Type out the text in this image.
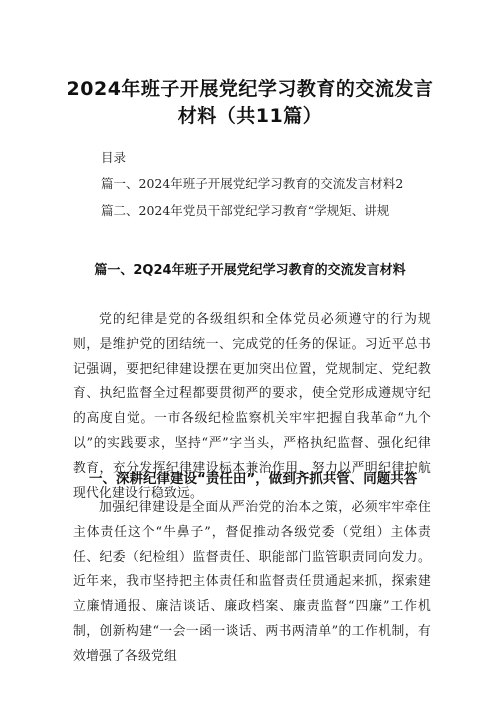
2024年班子开展党纪学习教育的交流发言
材料（共11篇）
目录
篇一、2024年班子开展党纪学习教育的交流发言材料2
篇二、2024年党员干部党纪学习教育“学规矩、讲规
篇一、2Q24年班子开展党纪学习教育的交流发言材料
党的纪律是党的各级组织和全体党员必须遵守的行为规则，是维护党的团结统一、完成党的任务的保证。习近平总书记强调，要把纪律建设摆在更加突出位置，党规制定、党纪教育、执纪监督全过程都要贯彻严的要求，使全党形成遵规守纪的高度自觉。一市各级纪检监察机关牢牢把握自我革命“九个以”的实践要求，坚持“严”字当头，严格执纪监督、强化纪律教育，充分发挥纪律建设标本兼治作用，努力以严明纪律护航现代化建设行稳致远。
一、深耕纪律建设“责任田”，做到齐抓共管、同题共答
加强纪律建设是全面从严治党的治本之策，必须牢牢牵住主体责任这个“牛鼻子”，督促推动各级党委（党组）主体责任、纪委（纪检组）监督责任、职能部门监管职责同向发力。近年来，我市坚持把主体责任和监督责任贯通起来抓，探索建立廉情通报、廉洁谈话、廉政档案、廉责监督“四廉”工作机制，创新构建“一会一函一谈话、两书两清单”的工作机制，有效增强了各级党组
